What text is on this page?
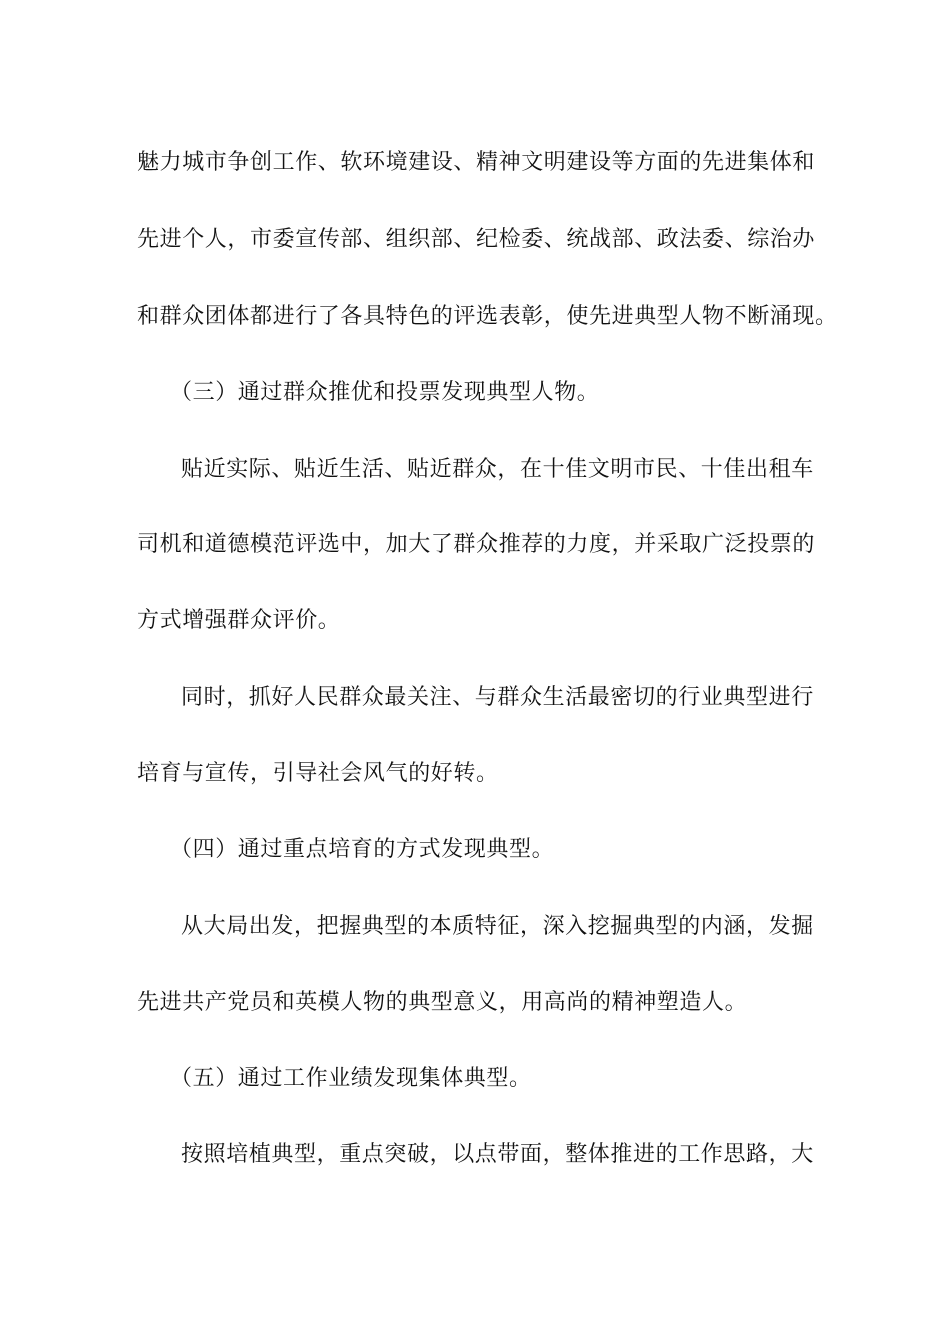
魅力城市争创工作、软环境建设、精神文明建设等方面的先进集体和
先进个人，市委宣传部、组织部、纪检委、统战部、政法委、综治办
和群众团体都进行了各具特色的评选表彰，使先进典型人物不断涌现。
（三）通过群众推优和投票发现典型人物。
贴近实际、贴近生活、贴近群众，在十佳文明市民、十佳出租车
司机和道德模范评选中，加大了群众推荐的力度，并采取广泛投票的
方式增强群众评价。
同时，抓好人民群众最关注、与群众生活最密切的行业典型进行
培育与宣传，引导社会风气的好转。
（四）通过重点培育的方式发现典型。
从大局出发，把握典型的本质特征，深入挖掘典型的内涵，发掘
先进共产党员和英模人物的典型意义，用高尚的精神塑造人。
（五）通过工作业绩发现集体典型。
按照培植典型，重点突破，以点带面，整体推进的工作思路，大
